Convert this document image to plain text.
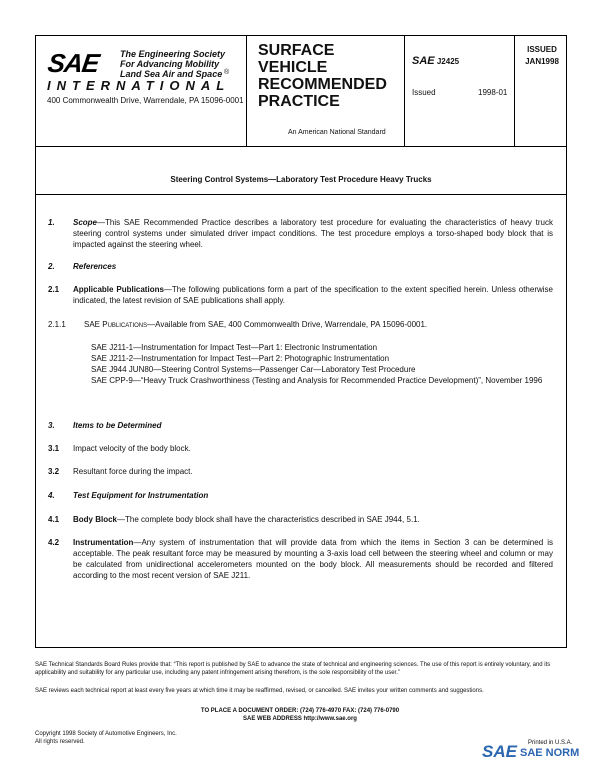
SAE The Engineering Society
For Advancing Mobility
Land Sea Air and Space ®
INTERNATIONAL
400 Commonwealth Drive, Warrendale, PA 15096-0001
SURFACE
VEHICLE
RECOMMENDED
PRACTICE
An American National Standard
SAE J2425
Issued	1998-01
ISSUED
JAN1998
Steering Control Systems—Laboratory Test Procedure Heavy Trucks
1. Scope—This SAE Recommended Practice describes a laboratory test procedure for evaluating the characteristics of heavy truck steering control systems under simulated driver impact conditions. The test procedure employs a torso-shaped body block that is impacted against the steering wheel.
2. References
2.1 Applicable Publications—The following publications form a part of the specification to the extent specified herein. Unless otherwise indicated, the latest revision of SAE publications shall apply.
2.1.1 SAE Publications—Available from SAE, 400 Commonwealth Drive, Warrendale, PA 15096-0001.
SAE J211-1—Instrumentation for Impact Test—Part 1: Electronic Instrumentation
SAE J211-2—Instrumentation for Impact Test—Part 2: Photographic Instrumentation
SAE J944 JUN80—Steering Control Systems—Passenger Car—Laboratory Test Procedure
SAE CPP-9—“Heavy Truck Crashworthiness (Testing and Analysis for Recommended Practice Development)”, November 1996
3. Items to be Determined
3.1 Impact velocity of the body block.
3.2 Resultant force during the impact.
4. Test Equipment for Instrumentation
4.1 Body Block—The complete body block shall have the characteristics described in SAE J944, 5.1.
4.2 Instrumentation—Any system of instrumentation that will provide data from which the items in Section 3 can be determined is acceptable. The peak resultant force may be measured by mounting a 3-axis load cell between the steering wheel and column or may be calculated from unidirectional accelerometers mounted on the body block. All measurements should be recorded and filtered according to the most recent version of SAE J211.
SAE Technical Standards Board Rules provide that: “This report is published by SAE to advance the state of technical and engineering sciences. The use of this report is entirely voluntary, and its applicability and suitability for any particular use, including any patent infringement arising therefrom, is the sole responsibility of the user.”
SAE reviews each technical report at least every five years at which time it may be reaffirmed, revised, or cancelled. SAE invites your written comments and suggestions.
TO PLACE A DOCUMENT ORDER: (724) 776-4970 FAX: (724) 776-0790
SAE WEB ADDRESS http://www.sae.org
Copyright 1998 Society of Automotive Engineers, Inc.
All rights reserved.	Printed in U.S.A.
SAE SAE NORM
